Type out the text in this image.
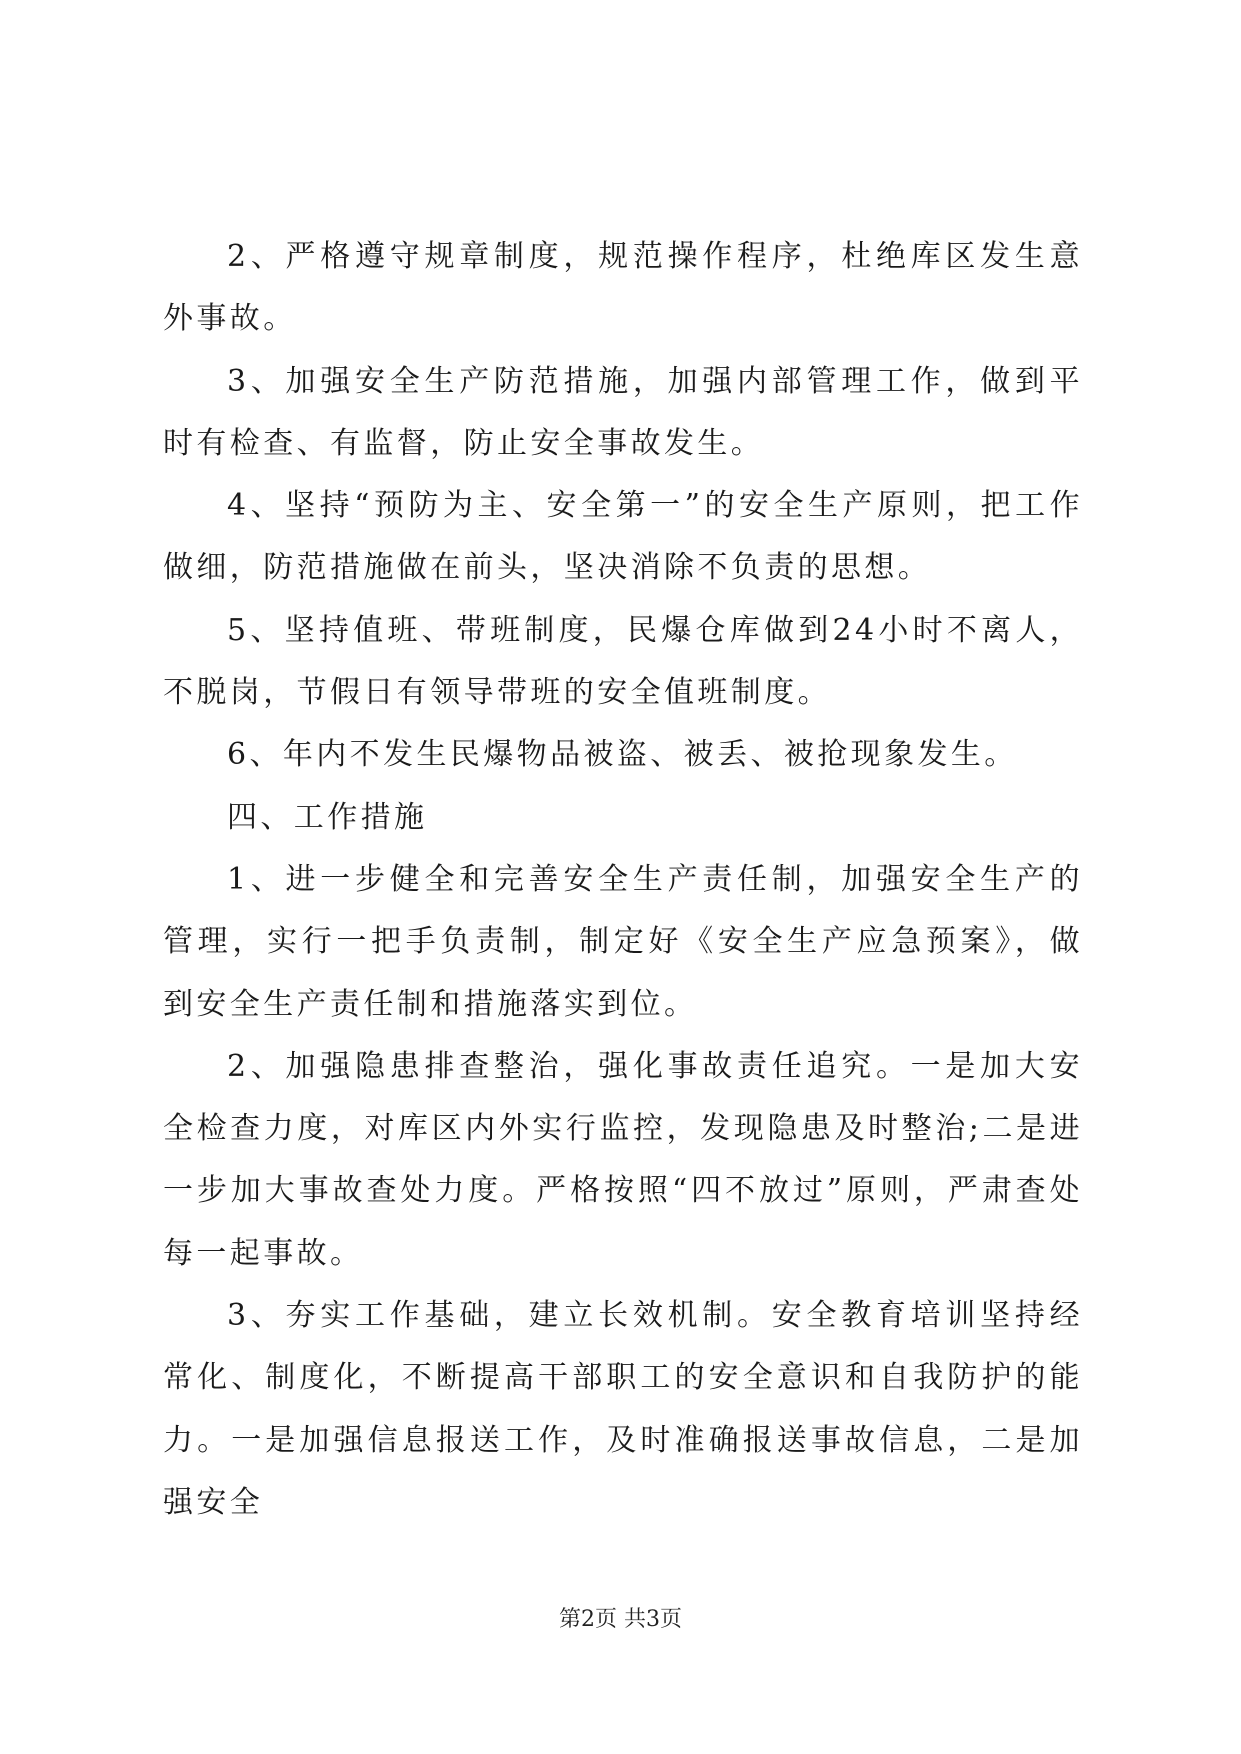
2、严格遵守规章制度，规范操作程序，杜绝库区发生意外事故。

3、加强安全生产防范措施，加强内部管理工作，做到平时有检查、有监督，防止安全事故发生。

4、坚持“预防为主、安全第一”的安全生产原则，把工作做细，防范措施做在前头，坚决消除不负责的思想。

5、坚持值班、带班制度，民爆仓库做到24小时不离人，不脱岗，节假日有领导带班的安全值班制度。

6、年内不发生民爆物品被盗、被丢、被抢现象发生。

四、工作措施

1、进一步健全和完善安全生产责任制，加强安全生产的管理，实行一把手负责制，制定好《安全生产应急预案》，做到安全生产责任制和措施落实到位。

2、加强隐患排查整治，强化事故责任追究。一是加大安全检查力度，对库区内外实行监控，发现隐患及时整治;二是进一步加大事故查处力度。严格按照“四不放过”原则，严肃查处每一起事故。

3、夯实工作基础，建立长效机制。安全教育培训坚持经常化、制度化，不断提高干部职工的安全意识和自我防护的能力。一是加强信息报送工作，及时准确报送事故信息，二是加强安全

第2页 共3页
